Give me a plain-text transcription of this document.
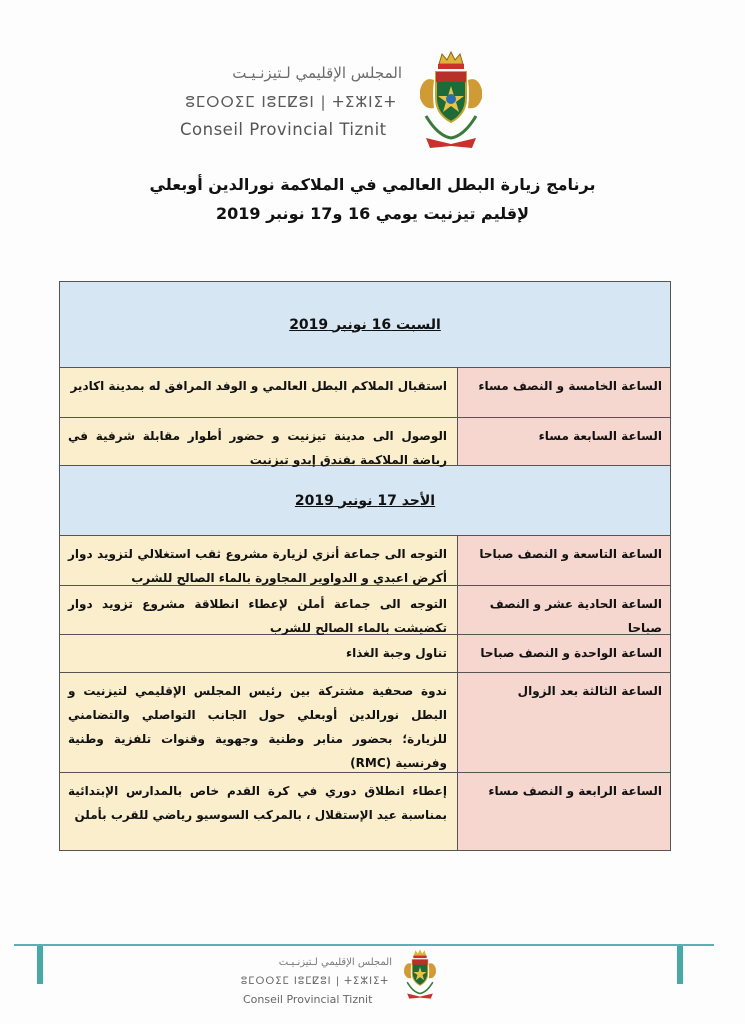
المجلس الإقليمي لـتيزنـيـت
ⵓⵎⵔⵔⵉⵎ ⵏⵓⵎⵇⵓⵏ | ⵜⵉⵣⵏⵉⵜ
Conseil Provincial Tiznit
برنامج زيارة البطل العالمي في الملاكمة نورالدين أوبعلي
لإقليم تيزنيت يومي 16 و17 نونبر 2019
السبت 16 نونبر 2019
الساعة الخامسة و النصف مساء
استقبال الملاكم البطل العالمي و الوفد المرافق له بمدينة اكادير
الساعة السابعة مساء
الوصول الى مدينة تيزنيت و حضور أطوار مقابلة شرفية في رياضة الملاكمة بفندق إيدو تيزنيت
الأحد 17 نونبر 2019
الساعة التاسعة و النصف صباحا
التوجه الى جماعة أنزي لزيارة مشروع ثقب استغلالي لتزويد دوار أكرض اعبدي و الدواوير المجاورة بالماء الصالح للشرب
الساعة الحادية عشر و النصف صباحا
التوجه الى جماعة أملن لإعطاء انطلاقة مشروع تزويد دوار تكضيشت بالماء الصالح للشرب
الساعة الواحدة و النصف صباحا
تناول وجبة الغذاء
الساعة الثالثة بعد الزوال
ندوة صحفية مشتركة بين رئيس المجلس الإقليمي لتيزنيت و البطل نورالدين أوبعلي حول الجانب التواصلي والتضامني للزيارة؛ بحضور منابر وطنية وجهوية وقنوات تلفزية وطنية وفرنسية (RMC)
الساعة الرابعة و النصف مساء
إعطاء انطلاق دوري في كرة القدم خاص بالمدارس الإبتدائية بمناسبة عيد الإستقلال ، بالمركب السوسيو رياضي للقرب بأملن
المجلس الإقليمي لـتيزنـيـت
ⵓⵎⵔⵔⵉⵎ ⵏⵓⵎⵇⵓⵏ | ⵜⵉⵣⵏⵉⵜ
Conseil Provincial Tiznit
